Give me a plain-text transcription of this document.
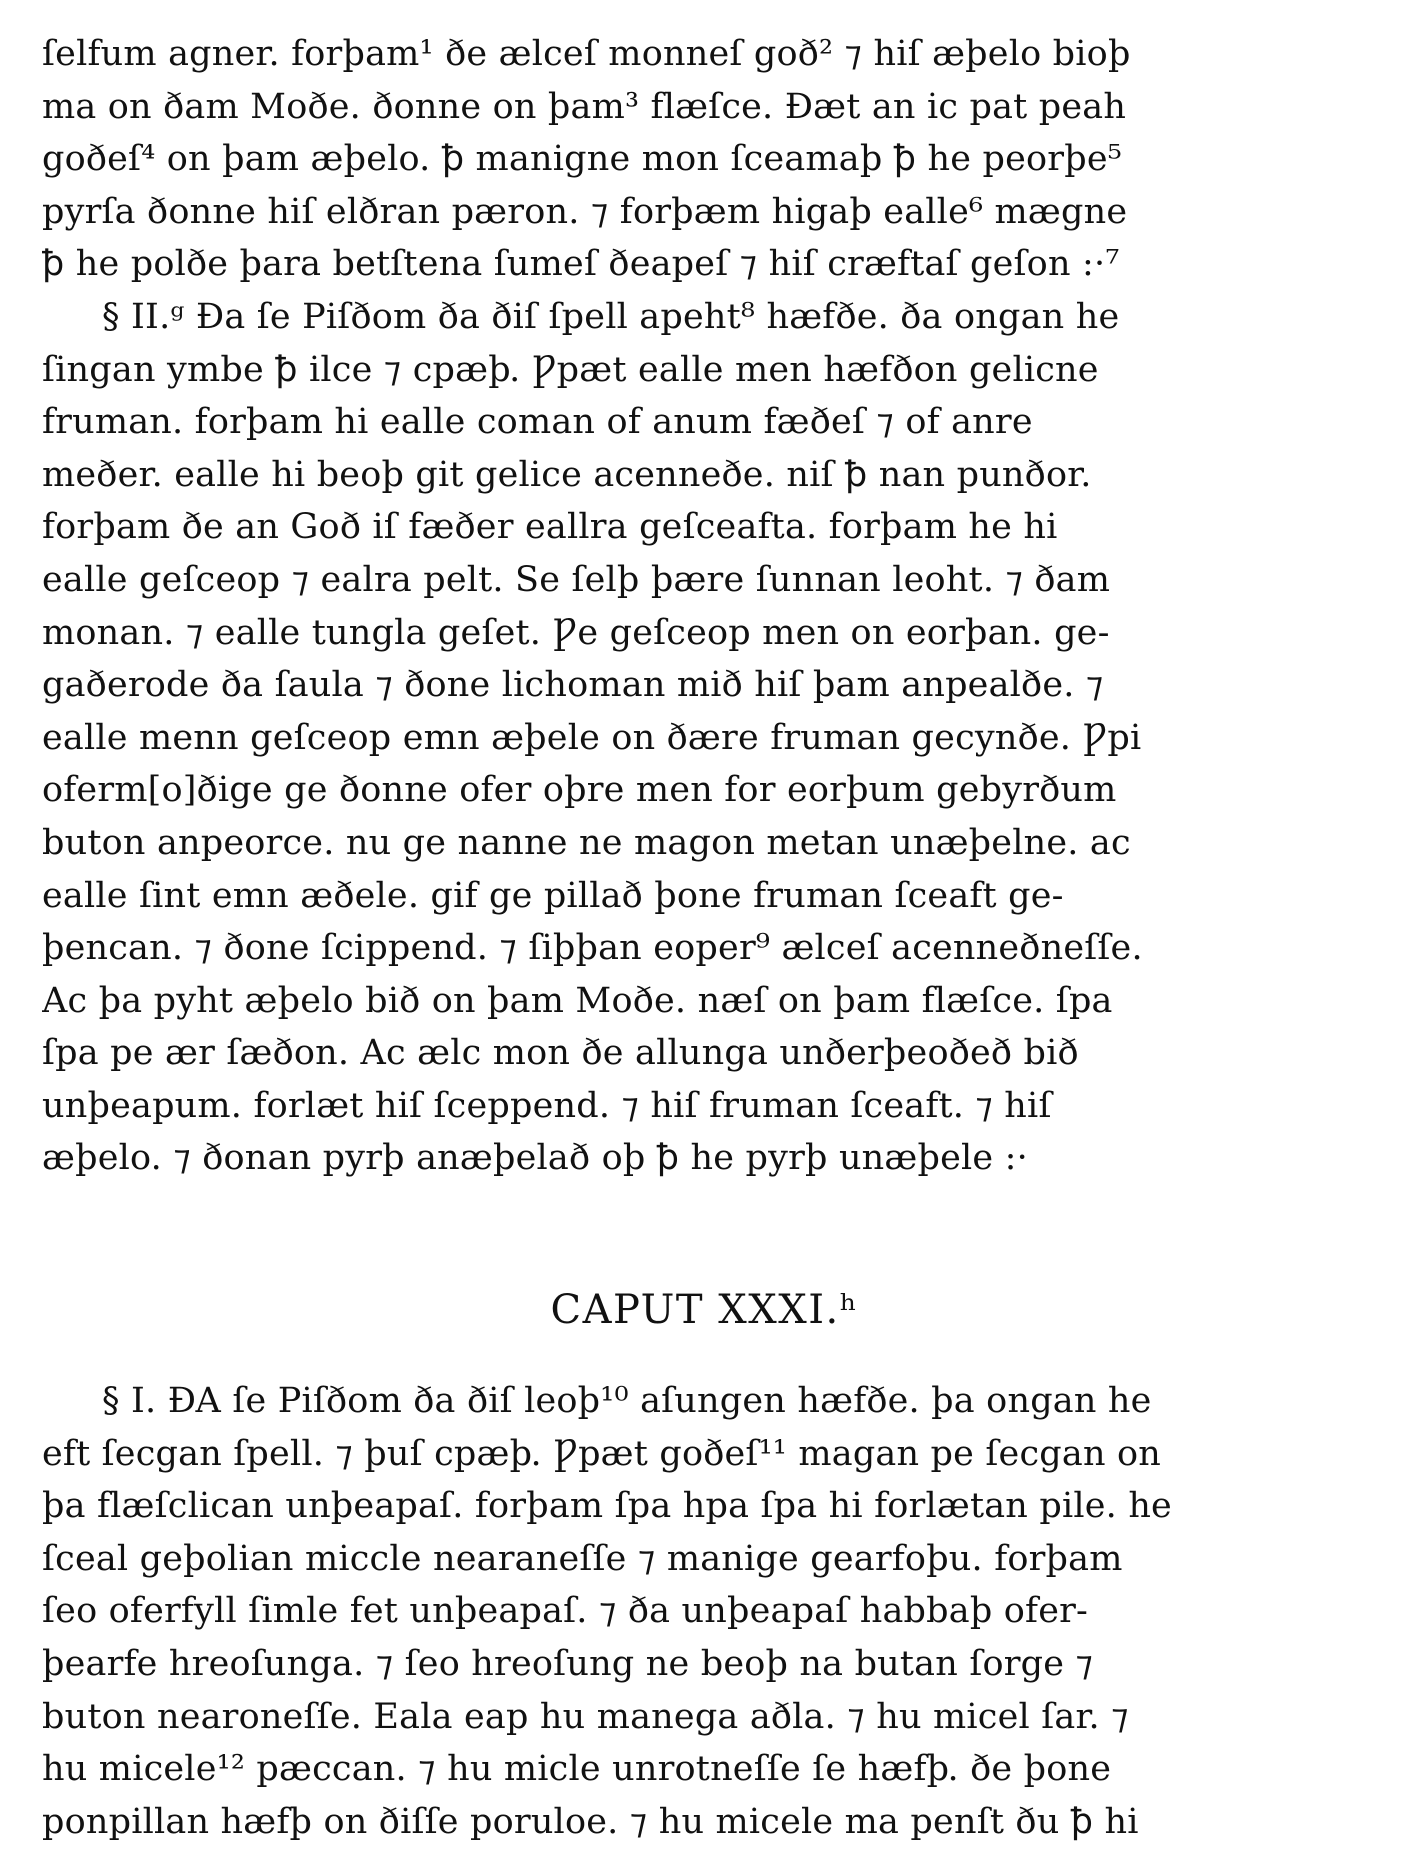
ſelfum agner. forþam¹ ðe ælceſ monneſ goð² ⁊ hiſ æþelo bioþ
ma on ðam Moðe. ðonne on þam³ flæſce. Ðæt an ic pat peah
goðeſ⁴ on þam æþelo. ꝥ manigne mon ſceamaþ ꝥ he peorþe⁵
pyrſa ðonne hiſ elðran pæron. ⁊ forþæm higaþ ealle⁶ mægne
ꝥ he polðe þara betſtena ſumeſ ðeapeſ ⁊ hiſ cræftaſ geſon :·⁷
§ II.ᵍ Ða ſe Piſðom ða ðiſ ſpell apeht⁸ hæfðe. ða ongan he
ſingan ymbe ꝥ ilce ⁊ cpæþ. Ƿpæt ealle men hæfðon gelicne
fruman. forþam hi ealle coman of anum fæðeſ ⁊ of anre
meðer. ealle hi beoþ git gelice acenneðe. niſ ꝥ nan punðor.
forþam ðe an Goð iſ fæðer eallra geſceafta. forþam he hi
ealle geſceop ⁊ ealra pelt. Se ſelþ þære ſunnan leoht. ⁊ ðam
monan. ⁊ ealle tungla geſet. Ƿe geſceop men on eorþan. ge-
gaðerode ða ſaula ⁊ ðone lichoman mið hiſ þam anpealðe. ⁊
ealle menn geſceop emn æþele on ðære fruman gecynðe. Ƿpi
oferm[o]ðige ge ðonne ofer oþre men for eorþum gebyrðum
buton anpeorce. nu ge nanne ne magon metan unæþelne. ac
ealle ſint emn æðele. gif ge pillað þone fruman ſceaft ge-
þencan. ⁊ ðone ſcippend. ⁊ ſiþþan eoper⁹ ælceſ acenneðneſſe.
Ac þa pyht æþelo bið on þam Moðe. næſ on þam flæſce. ſpa
ſpa pe ær ſæðon. Ac ælc mon ðe allunga unðerþeoðeð bið
unþeapum. forlæt hiſ ſceppend. ⁊ hiſ fruman ſceaft. ⁊ hiſ
æþelo. ⁊ ðonan pyrþ anæþelað oþ ꝥ he pyrþ unæþele :·
CAPUT XXXI.ʰ
§ I. ÐA ſe Piſðom ða ðiſ leoþ¹⁰ aſungen hæfðe. þa ongan he
eft ſecgan ſpell. ⁊ þuſ cpæþ. Ƿpæt goðeſ¹¹ magan pe ſecgan on
þa flæſclican unþeapaſ. forþam ſpa hpa ſpa hi forlætan pile. he
ſceal geþolian miccle nearaneſſe ⁊ manige gearfoþu. forþam
ſeo oferfyll ſimle fet unþeapaſ. ⁊ ða unþeapaſ habbaþ ofer-
þearfe hreoſunga. ⁊ ſeo hreoſung ne beoþ na butan ſorge ⁊
buton nearoneſſe. Eala eap hu manega aðla. ⁊ hu micel ſar. ⁊
hu micele¹² pæccan. ⁊ hu micle unrotneſſe ſe hæfþ. ðe þone
ponpillan hæfþ on ðiſſe poruloe. ⁊ hu micele ma penſt ðu ꝥ hi
